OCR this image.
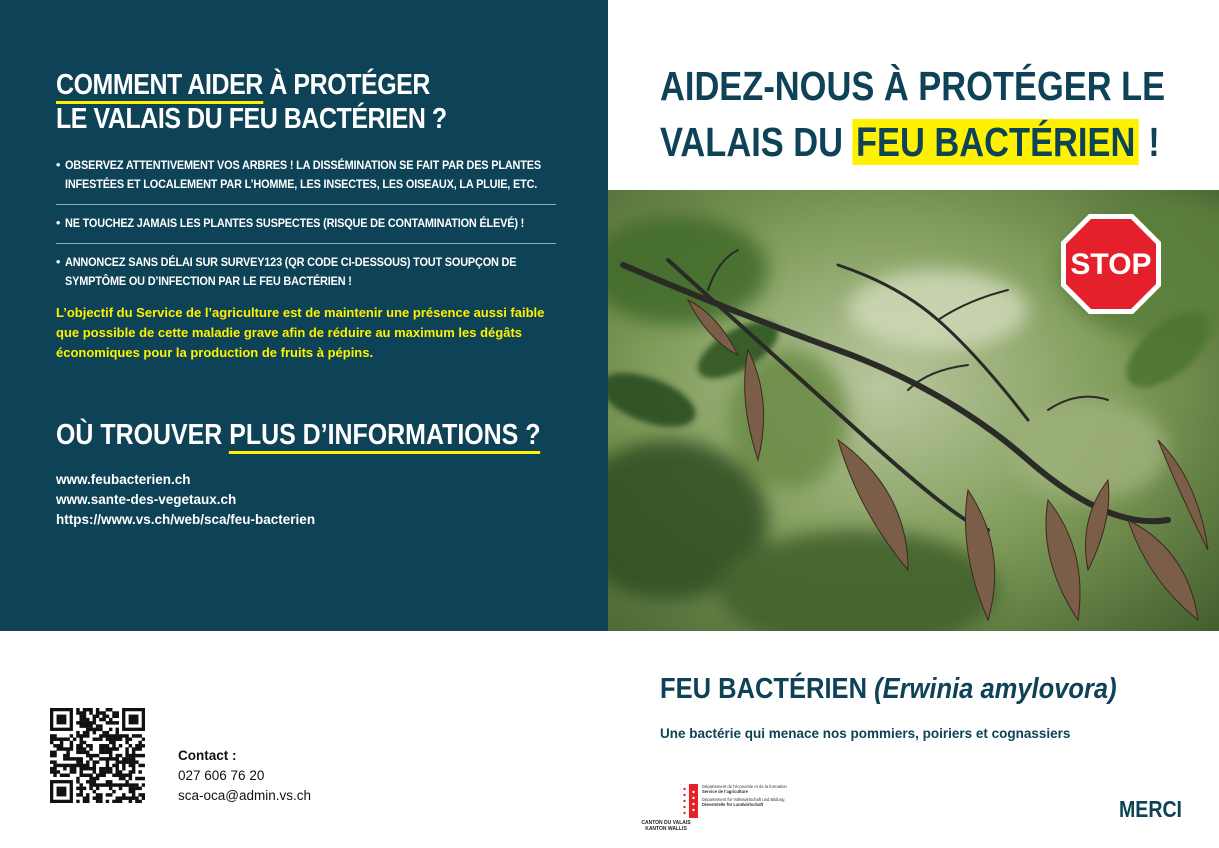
COMMENT AIDER À PROTÉGER
LE VALAIS DU FEU BACTÉRIEN ?
• OBSERVEZ ATTENTIVEMENT VOS ARBRES ! LA DISSÉMINATION SE FAIT PAR DES PLANTES INFESTÉES ET LOCALEMENT PAR L’HOMME, LES INSECTES, LES OISEAUX, LA PLUIE, ETC.
• NE TOUCHEZ JAMAIS LES PLANTES SUSPECTES (RISQUE DE CONTAMINATION ÉLEVÉ) !
• ANNONCEZ SANS DÉLAI SUR SURVEY123 (QR CODE CI-DESSOUS) TOUT SOUPÇON DE SYMPTÔME OU D’INFECTION PAR LE FEU BACTÉRIEN !
L’objectif du Service de l’agriculture est de maintenir une présence aussi faible que possible de cette maladie grave afin de réduire au maximum les dégâts économiques pour la production de fruits à pépins.
OÙ TROUVER PLUS D’INFORMATIONS ?
www.feubacterien.ch
www.sante-des-vegetaux.ch
https://www.vs.ch/web/sca/feu-bacterien
AIDEZ-NOUS À PROTÉGER LE
VALAIS DU FEU BACTÉRIEN !
STOP
FEU BACTÉRIEN (Erwinia amylovora)
Une bactérie qui menace nos pommiers, poiriers et cognassiers
MERCI
CANTON DU VALAIS
KANTON WALLIS
Département de l’économie et de la formation
Service de l’agriculture
Departement für Volkswirtschaft und Bildung
Dienststelle für Landwirtschaft
Contact :
027 606 76 20
sca-oca@admin.vs.ch
